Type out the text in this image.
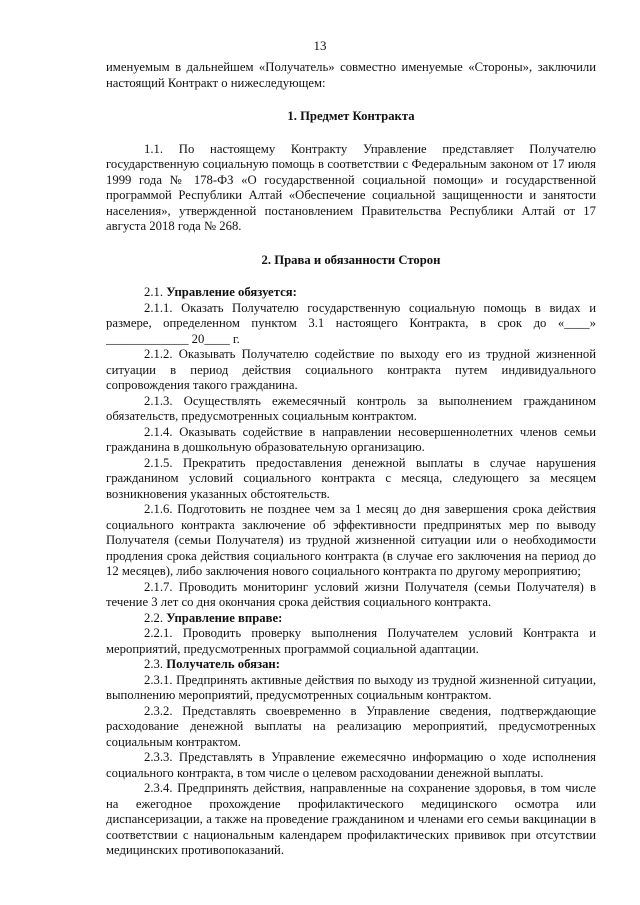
13

именуемым в дальнейшем «Получатель» совместно именуемые «Стороны», заключили настоящий Контракт о нижеследующем:

1. Предмет Контракта

1.1. По настоящему Контракту Управление представляет Получателю государственную социальную помощь в соответствии с Федеральным законом от 17 июля 1999 года № 178-ФЗ «О государственной социальной помощи» и государственной программой Республики Алтай «Обеспечение социальной защищенности и занятости населения», утвержденной постановлением Правительства Республики Алтай от 17 августа 2018 года № 268.

2. Права и обязанности Сторон

2.1. Управление обязуется:

2.1.1. Оказать Получателю государственную социальную помощь в видах и размере, определенном пунктом 3.1 настоящего Контракта, в срок до «____» _____________ 20____ г.

2.1.2. Оказывать Получателю содействие по выходу его из трудной жизненной ситуации в период действия социального контракта путем индивидуального сопровождения такого гражданина.

2.1.3. Осуществлять ежемесячный контроль за выполнением гражданином обязательств, предусмотренных социальным контрактом.

2.1.4. Оказывать содействие в направлении несовершеннолетних членов семьи гражданина в дошкольную образовательную организацию.

2.1.5. Прекратить предоставления денежной выплаты в случае нарушения гражданином условий социального контракта с месяца, следующего за месяцем возникновения указанных обстоятельств.

2.1.6. Подготовить не позднее чем за 1 месяц до дня завершения срока действия социального контракта заключение об эффективности предпринятых мер по выводу Получателя (семьи Получателя) из трудной жизненной ситуации или о необходимости продления срока действия социального контракта (в случае его заключения на период до 12 месяцев), либо заключения нового социального контракта по другому мероприятию;

2.1.7. Проводить мониторинг условий жизни Получателя (семьи Получателя) в течение 3 лет со дня окончания срока действия социального контракта.

2.2. Управление вправе:

2.2.1. Проводить проверку выполнения Получателем условий Контракта и мероприятий, предусмотренных программой социальной адаптации.

2.3. Получатель обязан:

2.3.1. Предпринять активные действия по выходу из трудной жизненной ситуации, выполнению мероприятий, предусмотренных социальным контрактом.

2.3.2. Представлять своевременно в Управление сведения, подтверждающие расходование денежной выплаты на реализацию мероприятий, предусмотренных социальным контрактом.

2.3.3. Представлять в Управление ежемесячно информацию о ходе исполнения социального контракта, в том числе о целевом расходовании денежной выплаты.

2.3.4. Предпринять действия, направленные на сохранение здоровья, в том числе на ежегодное прохождение профилактического медицинского осмотра или диспансеризации, а также на проведение гражданином и членами его семьи вакцинации в соответствии с национальным календарем профилактических прививок при отсутствии медицинских противопоказаний.
